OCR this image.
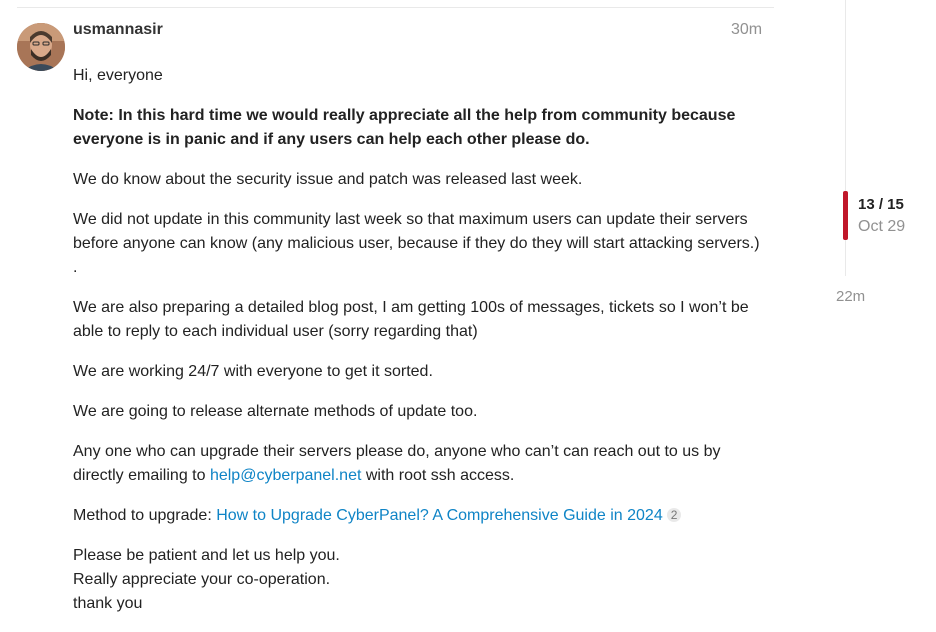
usmannasir	30m

Hi, everyone

Note: In this hard time we would really appreciate all the help from community because everyone is in panic and if any users can help each other please do.

We do know about the security issue and patch was released last week.

We did not update in this community last week so that maximum users can update their servers before anyone can know (any malicious user, because if they do they will start attacking servers.)
.

We are also preparing a detailed blog post, I am getting 100s of messages, tickets so I won’t be able to reply to each individual user (sorry regarding that)

We are working 24/7 with everyone to get it sorted.

We are going to release alternate methods of update too.

Any one who can upgrade their servers please do, anyone who can’t can reach out to us by directly emailing to help@cyberpanel.net with root ssh access.

Method to upgrade: How to Upgrade CyberPanel? A Comprehensive Guide in 2024 2

Please be patient and let us help you.
Really appreciate your co-operation.
thank you

13 / 15
Oct 29
22m
